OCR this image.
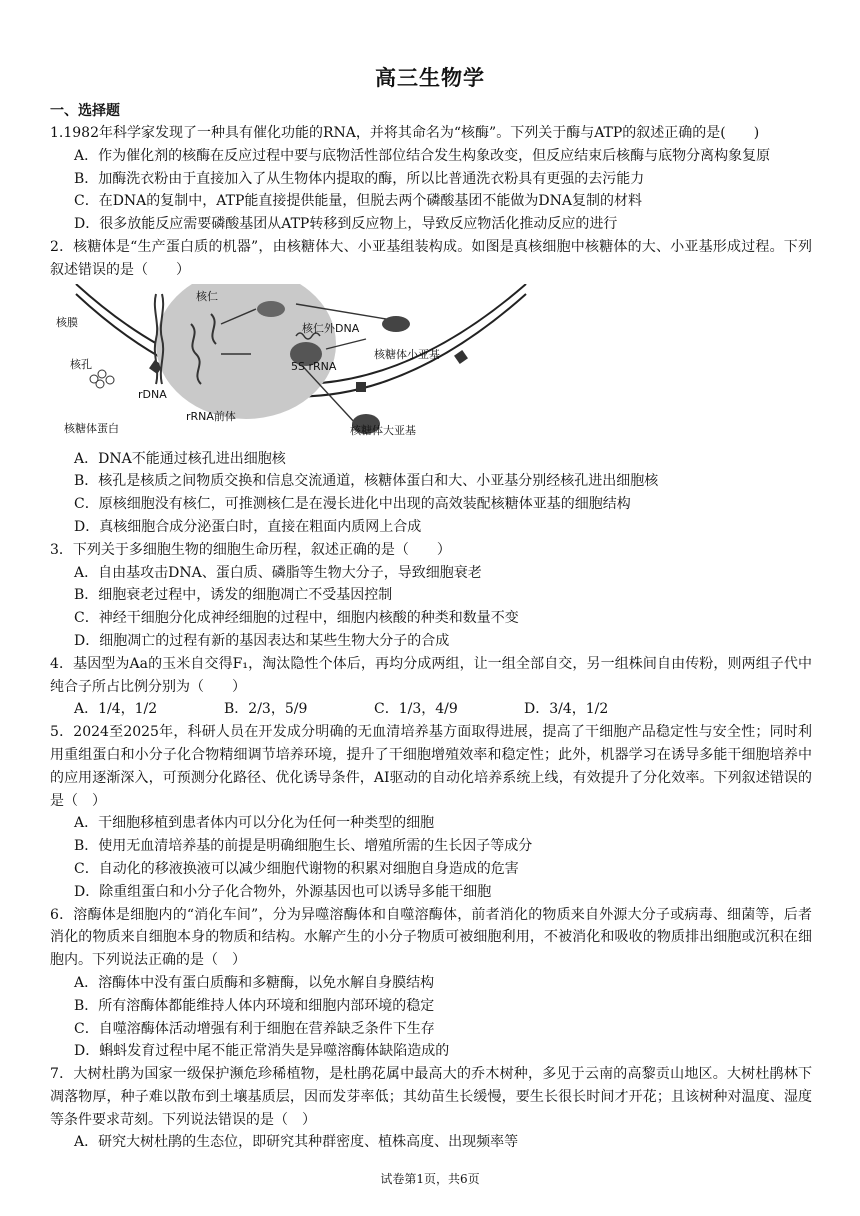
高三生物学
一、选择题
1.1982年科学家发现了一种具有催化功能的RNA，并将其命名为“核酶”。下列关于酶与ATP的叙述正确的是(　　)
A．作为催化剂的核酶在反应过程中要与底物活性部位结合发生构象改变，但反应结束后核酶与底物分离构象复原
B．加酶洗衣粉由于直接加入了从生物体内提取的酶，所以比普通洗衣粉具有更强的去污能力
C．在DNA的复制中，ATP能直接提供能量，但脱去两个磷酸基团不能做为DNA复制的材料
D．很多放能反应需要磷酸基团从ATP转移到反应物上，导致反应物活化推动反应的进行
2．核糖体是“生产蛋白质的机器”，由核糖体大、小亚基组装构成。如图是真核细胞中核糖体的大、小亚基形成过程。下列叙述错误的是（　　）
核仁
核膜
核孔
rDNA
rRNA前体
核糖体蛋白
核仁外DNA
5S rRNA
核糖体小亚基
核糖体大亚基
A．DNA不能通过核孔进出细胞核
B．核孔是核质之间物质交换和信息交流通道，核糖体蛋白和大、小亚基分别经核孔进出细胞核
C．原核细胞没有核仁，可推测核仁是在漫长进化中出现的高效装配核糖体亚基的细胞结构
D．真核细胞合成分泌蛋白时，直接在粗面内质网上合成
3．下列关于多细胞生物的细胞生命历程，叙述正确的是（　　）
A．自由基攻击DNA、蛋白质、磷脂等生物大分子，导致细胞衰老
B．细胞衰老过程中，诱发的细胞凋亡不受基因控制
C．神经干细胞分化成神经细胞的过程中，细胞内核酸的种类和数量不变
D．细胞凋亡的过程有新的基因表达和某些生物大分子的合成
4．基因型为Aa的玉米自交得F₁，淘汰隐性个体后，再均分成两组，让一组全部自交，另一组株间自由传粉，则两组子代中纯合子所占比例分别为（　　）
A．1/4，1/2	B．2/3，5/9	C．1/3，4/9	D．3/4，1/2
5．2024至2025年，科研人员在开发成分明确的无血清培养基方面取得进展，提高了干细胞产品稳定性与安全性；同时利用重组蛋白和小分子化合物精细调节培养环境，提升了干细胞增殖效率和稳定性；此外，机器学习在诱导多能干细胞培养中的应用逐渐深入，可预测分化路径、优化诱导条件，AI驱动的自动化培养系统上线，有效提升了分化效率。下列叙述错误的是（　）
A．干细胞移植到患者体内可以分化为任何一种类型的细胞
B．使用无血清培养基的前提是明确细胞生长、增殖所需的生长因子等成分
C．自动化的移液换液可以减少细胞代谢物的积累对细胞自身造成的危害
D．除重组蛋白和小分子化合物外，外源基因也可以诱导多能干细胞
6．溶酶体是细胞内的“消化车间”，分为异噬溶酶体和自噬溶酶体，前者消化的物质来自外源大分子或病毒、细菌等，后者消化的物质来自细胞本身的物质和结构。水解产生的小分子物质可被细胞利用，不被消化和吸收的物质排出细胞或沉积在细胞内。下列说法正确的是（　）
A．溶酶体中没有蛋白质酶和多糖酶，以免水解自身膜结构
B．所有溶酶体都能维持人体内环境和细胞内部环境的稳定
C．自噬溶酶体活动增强有利于细胞在营养缺乏条件下生存
D．蝌蚪发育过程中尾不能正常消失是异噬溶酶体缺陷造成的
7．大树杜鹃为国家一级保护濒危珍稀植物，是杜鹃花属中最高大的乔木树种，多见于云南的高黎贡山地区。大树杜鹃林下凋落物厚，种子难以散布到土壤基质层，因而发芽率低；其幼苗生长缓慢，要生长很长时间才开花；且该树种对温度、湿度等条件要求苛刻。下列说法错误的是（　）
A．研究大树杜鹃的生态位，即研究其种群密度、植株高度、出现频率等
试卷第1页，共6页
